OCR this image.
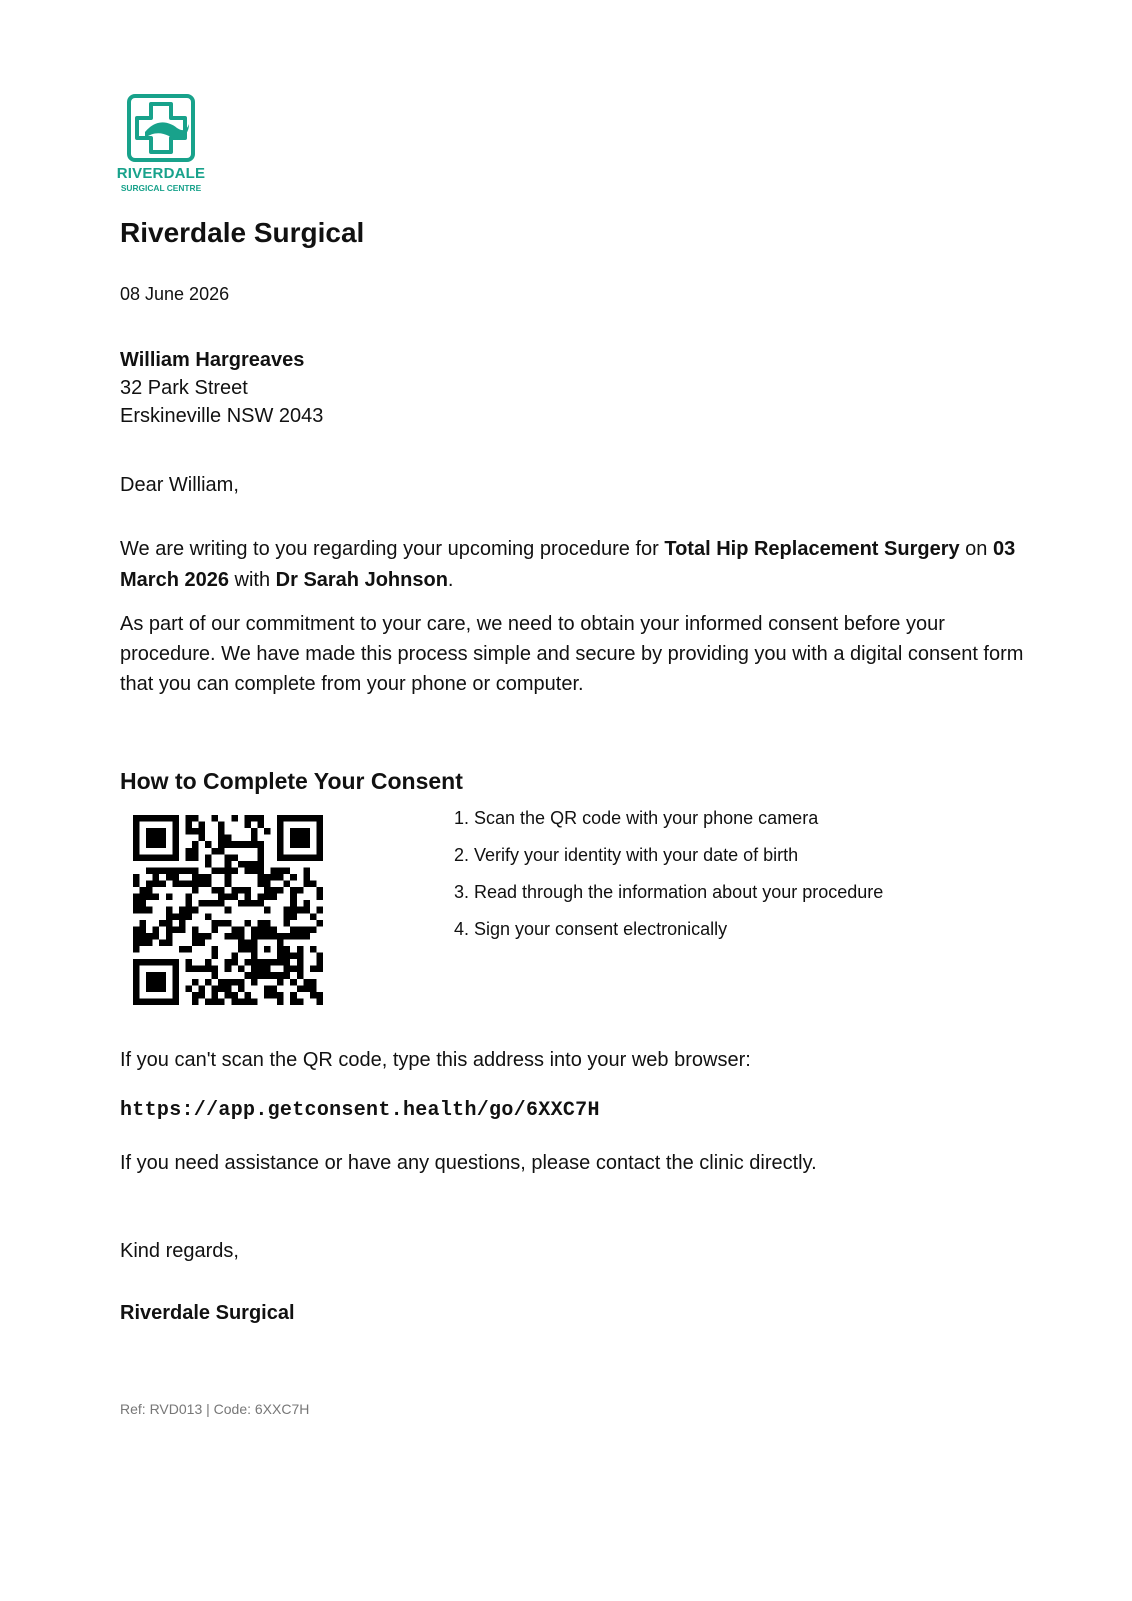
RIVERDALE
SURGICAL CENTRE
Riverdale Surgical
08 June 2026
William Hargreaves
32 Park Street
Erskineville NSW 2043
Dear William,
We are writing to you regarding your upcoming procedure for Total Hip Replacement Surgery on 03 March 2026 with Dr Sarah Johnson.
As part of our commitment to your care, we need to obtain your informed consent before your procedure. We have made this process simple and secure by providing you with a digital consent form that you can complete from your phone or computer.
How to Complete Your Consent
1. Scan the QR code with your phone camera
2. Verify your identity with your date of birth
3. Read through the information about your procedure
4. Sign your consent electronically
If you can't scan the QR code, type this address into your web browser:
https://app.getconsent.health/go/6XXC7H
If you need assistance or have any questions, please contact the clinic directly.
Kind regards,
Riverdale Surgical
Ref: RVD013 | Code: 6XXC7H
